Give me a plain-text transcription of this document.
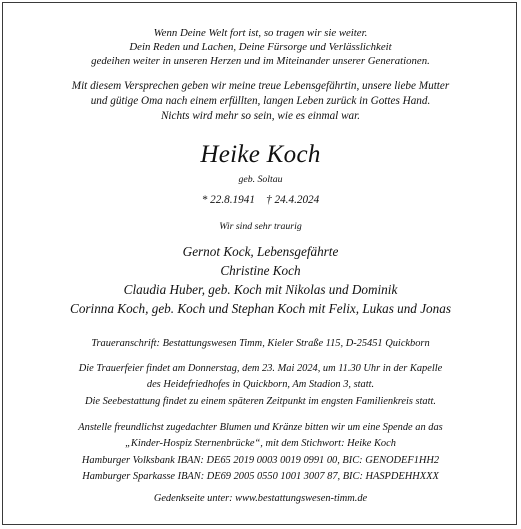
Wenn Deine Welt fort ist, so tragen wir sie weiter.
Dein Reden und Lachen, Deine Fürsorge und Verlässlichkeit
gedeihen weiter in unseren Herzen und im Miteinander unserer Generationen.
Mit diesem Versprechen geben wir meine treue Lebensgefährtin, unsere liebe Mutter
und gütige Oma nach einem erfüllten, langen Leben zurück in Gottes Hand.
Nichts wird mehr so sein, wie es einmal war.
Heike Koch
geb. Soltau
* 22.8.1941    † 24.4.2024
Wir sind sehr traurig
Gernot Kock, Lebensgefährte
Christine Koch
Claudia Huber, geb. Koch mit Nikolas und Dominik
Corinna Koch, geb. Koch und Stephan Koch mit Felix, Lukas und Jonas
Traueranschrift: Bestattungswesen Timm, Kieler Straße 115, D-25451 Quickborn
Die Trauerfeier findet am Donnerstag, dem 23. Mai 2024, um 11.30 Uhr in der Kapelle
des Heidefriedhofes in Quickborn, Am Stadion 3, statt.
Die Seebestattung findet zu einem späteren Zeitpunkt im engsten Familienkreis statt.
Anstelle freundlichst zugedachter Blumen und Kränze bitten wir um eine Spende an das
„Kinder-Hospiz Sternenbrücke“, mit dem Stichwort: Heike Koch
Hamburger Volksbank IBAN: DE65 2019 0003 0019 0991 00, BIC: GENODEF1HH2
Hamburger Sparkasse IBAN: DE69 2005 0550 1001 3007 87, BIC: HASPDEHHXXX
Gedenkseite unter: www.bestattungswesen-timm.de
